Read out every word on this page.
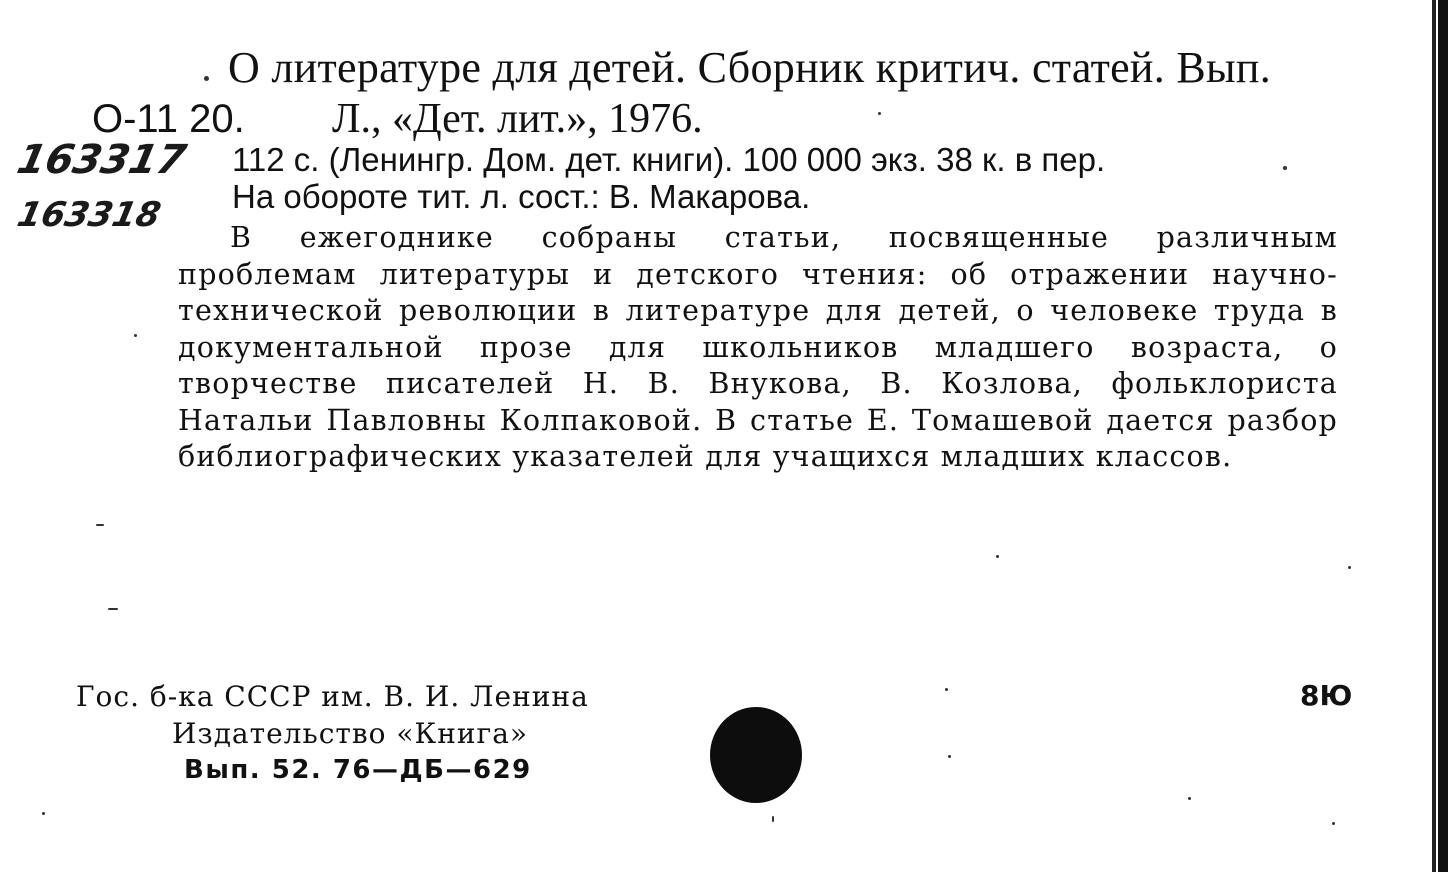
О литературе для детей. Сборник критич. статей. Вып.
О-11 20. Л., «Дет. лит.», 1976.
112 с. (Ленингр. Дом. дет. книги). 100 000 экз. 38 к. в пер.
На обороте тит. л. сост.: В. Макарова.
163317
163318
В ежегоднике собраны статьи, посвященные различным проблемам литературы и детского чтения: об отражении научно-технической революции в литературе для детей, о человеке труда в документальной прозе для школьников младшего возраста, о творчестве писателей Н. В. Внукова, В. Козлова, фольклориста Натальи Павловны Колпаковой. В статье Е. Томашевой дается разбор библиографических указателей для учащихся младших классов.
Гос. б-ка СССР им. В. И. Ленина
Издательство «Книга»
Вып. 52. 76—ДБ—629
8Ю
